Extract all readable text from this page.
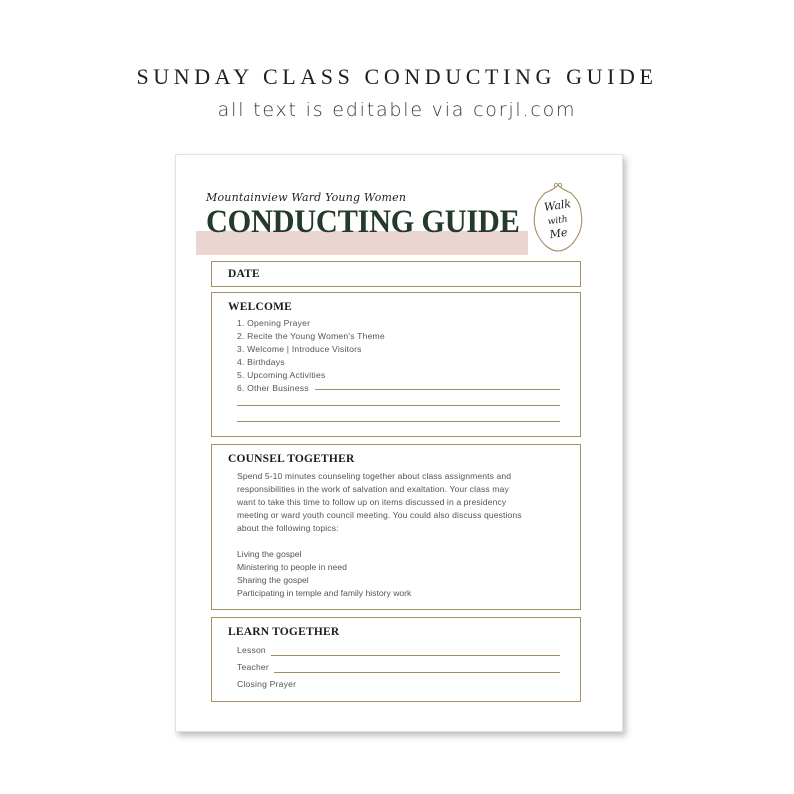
SUNDAY CLASS CONDUCTING GUIDE
all text is editable via corjl.com
Mountainview Ward Young Women
CONDUCTING GUIDE Walk
with
Me
DATE
WELCOME
1. Opening Prayer
2. Recite the Young Women's Theme
3. Welcome | Introduce Visitors
4. Birthdays
5. Upcoming Activities
6. Other Business
COUNSEL TOGETHER

Spend 5-10 minutes counseling together about class assignments and
responsibilities in the work of salvation and exaltation. Your class may
want to take this time to follow up on items discussed in a presidency
meeting or ward youth council meeting. You could also discuss questions
about the following topics:

Living the gospel
Ministering to people in need
Sharing the gospel
Participating in temple and family history work
LEARN TOGETHER
Lesson
Teacher
Closing Prayer
